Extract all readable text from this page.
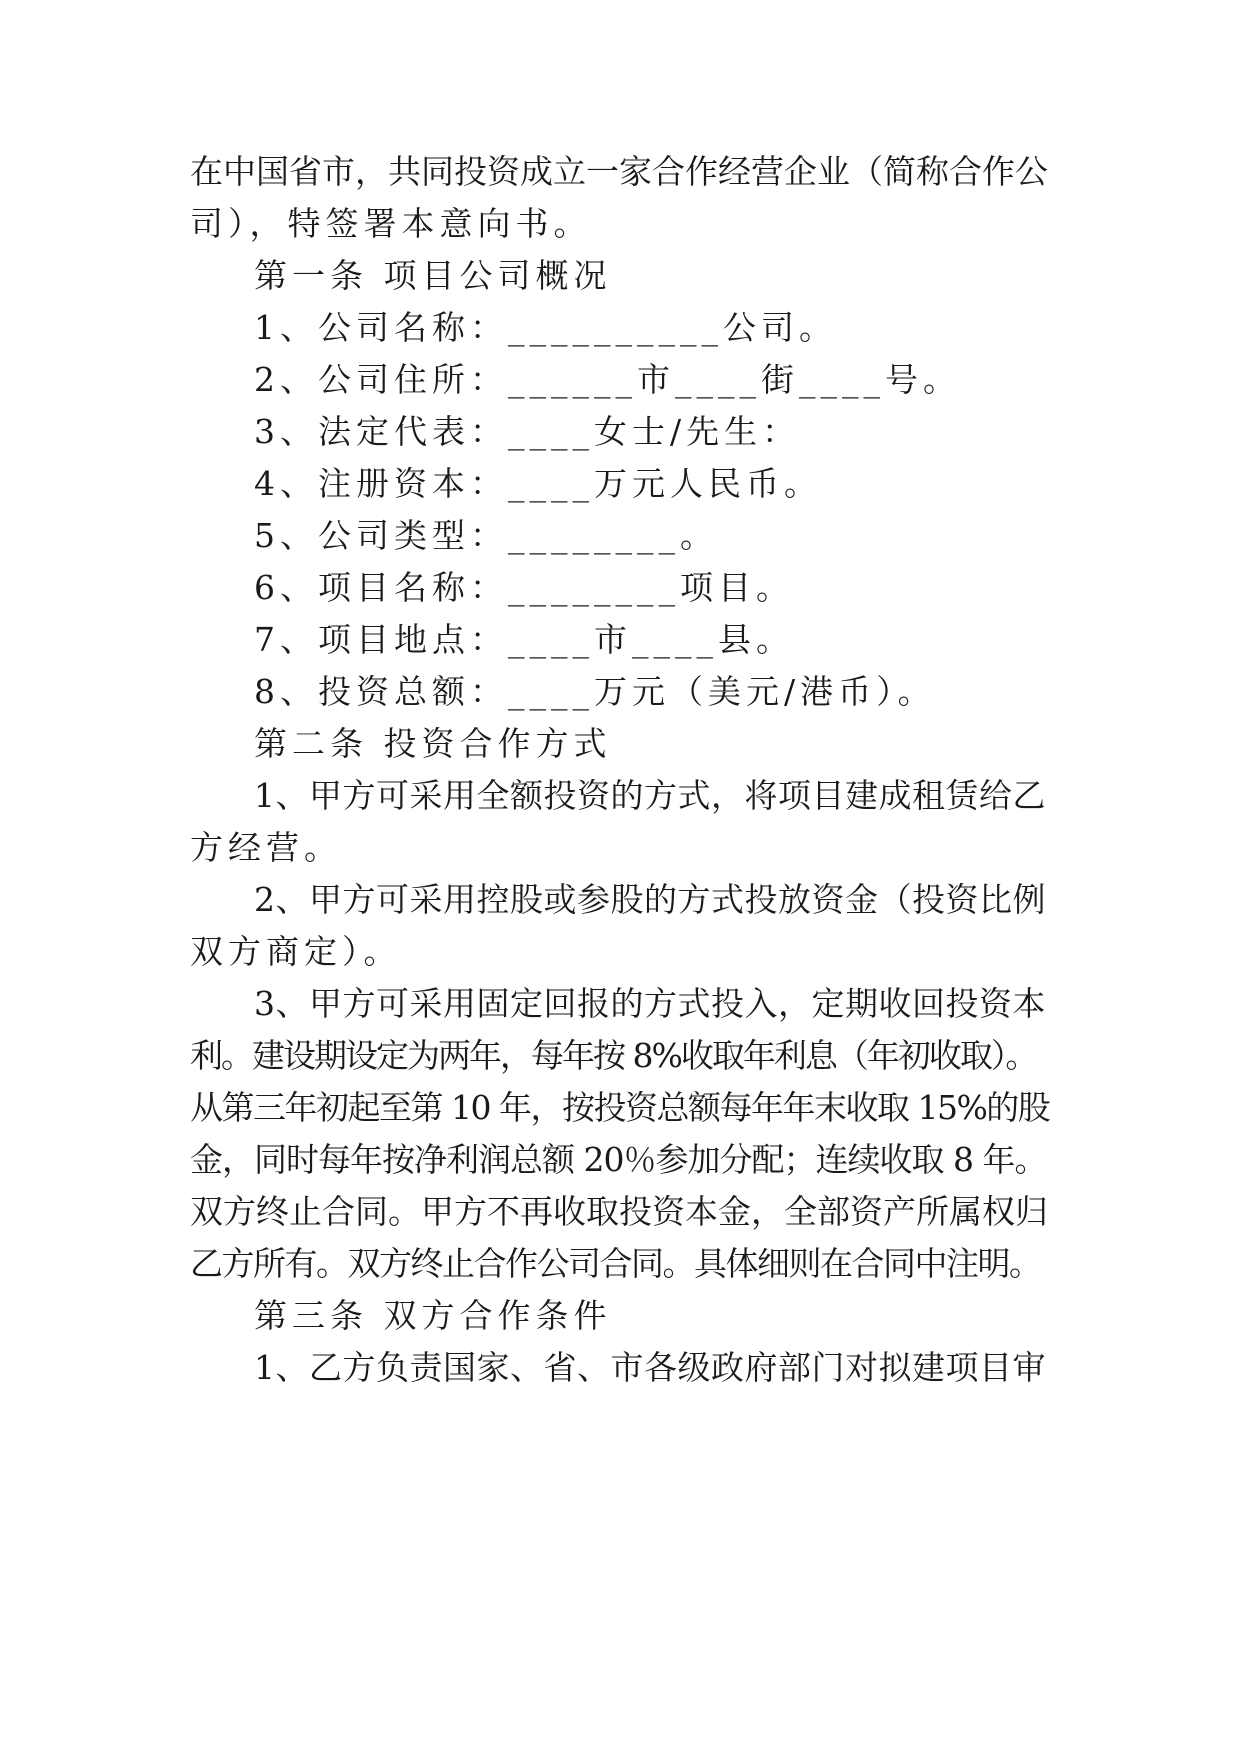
在中国省市，共同投资成立一家合作经营企业（简称合作公
司），特签署本意向书。
第一条 项目公司概况
1、公司名称：__________公司。
2、公司住所：______市____街____号。
3、法定代表：____女士/先生：
4、注册资本：____万元人民币。
5、公司类型：________。
6、项目名称：________项目。
7、项目地点：____市____县。
8、投资总额：____万元（美元/港币）。
第二条 投资合作方式
1、甲方可采用全额投资的方式，将项目建成租赁给乙
方经营。
2、甲方可采用控股或参股的方式投放资金（投资比例
双方商定）。
3、甲方可采用固定回报的方式投入，定期收回投资本
利。建设期设定为两年，每年按 8%收取年利息（年初收取）。
从第三年初起至第 10 年，按投资总额每年年末收取 15%的股
金，同时每年按净利润总额 20％参加分配；连续收取 8 年。
双方终止合同。甲方不再收取投资本金，全部资产所属权归
乙方所有。双方终止合作公司合同。具体细则在合同中注明。
第三条 双方合作条件
1、乙方负责国家、省、市各级政府部门对拟建项目审
